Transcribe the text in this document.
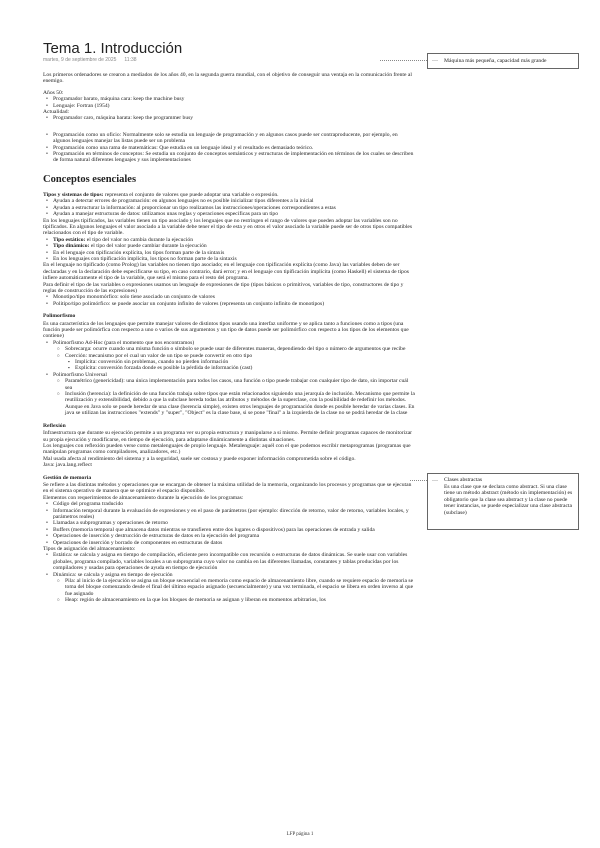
Tema 1. Introducción
martes, 9 de septiembre de 2025 11:38

Los primeros ordenadores se crearon a mediados de los años 40, en la segunda guerra mundial, con el objetivo de conseguir una ventaja en la comunicación frente al enemigo.

Años 50:

• Programador barato, máquina cara: keep the machine busy
• Lenguaje: Fortran (1954)

Actualidad:

• Programador caro, máquina barata: keep the programmer busy
• Programación como un oficio: Normalmente solo se estudia un lenguaje de programación y en algunos casos puede ser contraproducente, por ejemplo, en algunos lenguajes manejar las listas puede ser un problema
• Programación como una rama de matemáticas: Que estudia en un lenguaje ideal y el resultado es demasiado teórico.
• Programación en términos de conceptos: Se estudia un conjunto de conceptos semánticos y estructuras de implementación en términos de los cuales se describen de forma natural diferentes lenguajes y sus implementaciones
Conceptos esenciales

Tipos y sistemas de tipos: representa el conjunto de valores que puede adoptar una variable o expresión.

• Ayudan a detectar errores de programación: en algunos lenguajes no es posible inicializar tipos diferentes a la inicial
• Ayudan a estructurar la información: al proporcionar un tipo realizamos las instrucciones/operaciones correspondientes a estas
• Ayudan a manejar estructuras de datos: utilizamos unas reglas y operaciones específicas para un tipo

En los lenguajes tipificados, las variables tienen un tipo asociado y los lenguajes que no restringen el rango de valores que pueden adoptar las variables son no tipificados. En algunos lenguajes el valor asociado a la variable debe tener el tipo de esta y en otros el valor asociado la variable puede ser de otros tipos compatibles relacionados con el tipo de variable.

• Tipo estático: el tipo del valor no cambia durante la ejecución
• Tipo dinámico: el tipo del valor puede cambiar durante la ejecución
• En el lenguaje con tipificación explícita, los tipos forman parte de la sintaxis
• En los lenguajes con tipificación implícita, los tipos no forman parte de la sintaxis

En el lenguaje no tipificado (como Prolog) las variables no tienen tipo asociado; en el lenguaje con tipificación explícita (como Java) las variables deben de ser declaradas y en la declaración debe especificarse su tipo, en caso contrario, dará error; y en el lenguaje con tipificación implícita (como Haskell) el sistema de tipos infiere automáticamente el tipo de la variable, que será el mismo para el resto del programa.

Para definir el tipo de las variables o expresiones usamos un lenguaje de expresiones de tipo (tipos básicos o primitivos, variables de tipo, constructores de tipo y reglas de construcción de las expresiones)

• Monotipo/tipo monomórfico: solo tiene asociado un conjunto de valores
• Politipo/tipo polimórfico: se puede asociar un conjunto infinito de valores (representa un conjunto infinito de monotipos)
Polimorfismo

Es una característica de los lenguajes que permite manejar valores de distintos tipos usando una interfaz uniforme y se aplica tanto a funciones como a tipos (una función puede ser polimórfica con respecto a uno o varios de sus argumentos y un tipo de datos puede ser polimórfico con respecto a los tipos de los elementos que contiene)

• Polimorfismo Ad-Hoc (para el momento que nos encontramos)
○ Sobrecarga: ocurre cuando una misma función o símbolo se puede usar de diferentes maneras, dependiendo del tipo o número de argumentos que recibe
○ Coerción: mecanismo por el cual un valor de un tipo se puede convertir en otro tipo
▪ Implícita: conversión sin problemas, cuando no pierden información
▪ Explícita: conversión forzada donde es posible la pérdida de información (cast)
• Polimorfismo Universal
○ Paramétrico (genericidad): una única implementación para todos los casos, una función o tipo puede trabajar con cualquier tipo de dato, sin importar cuál sea
○ Inclusión (herencia): la definición de una función trabaja sobre tipos que están relacionados siguiendo una jerarquía de inclusión. Mecanismo que permite la reutilización y extensibilidad, debido a que la subclase hereda todas las atributos y métodos de la superclase, con la posibilidad de redefinir los métodos. Aunque en Java solo se puede heredar de una clase (herencia simple), existen otros lenguajes de programación donde es posible heredar de varias clases. En java se utilizan las instrucciones "extends" y "super", "Object" es la clase base, si se pone "final" a la izquierda de la clase no se podrá heredar de la clase
Reflexión

Infraestructura que durante su ejecución permite a un programa ver su propia estructura y manipularse a sí mismo. Permite definir programas capaces de monitorizar su propia ejecución y modificarse, en tiempo de ejecución, para adaptarse dinámicamente a distintas situaciones.

Los lenguajes con reflexión pueden verse como metalenguajes de propio lenguaje. Metalenguaje: aquél con el que podemos escribir metaprogramas (programas que manipulan programas como compiladores, analizadores, etc.)

Mal usada afecta al rendimiento del sistema y a la seguridad, suele ser costosa y puede exponer información comprometida sobre el código.

Java: java.lang.reflect

Gestión de memoria

Se refiere a las distintas métodos y operaciones que se encargan de obtener la máxima utilidad de la memoria, organizando los procesos y programas que se ejecutan en el sistema operativo de manera que se optimice el espacio disponible.

Elementos con requerimientos de almacenamiento durante la ejecución de los programas:

• Código del programa traducido
• Información temporal durante la evaluación de expresiones y en el paso de parámetros (por ejemplo: dirección de retorno, valor de retorno, variables locales, y parámetros reales)
• Llamadas a subprogramas y operaciones de retorno
• Buffers (memoria temporal que almacena datos mientras se transfieren entre dos lugares o dispositivos) para las operaciones de entrada y salida
• Operaciones de inserción y destrucción de estructuras de datos en la ejecución del programa
• Operaciones de inserción y borrado de componentes en estructuras de datos

Tipos de asignación del almacenamiento:

• Estática: se calcula y asigna en tiempo de compilación, eficiente pero incompatible con recursión o estructuras de datos dinámicas. Se suele usar con variables globales, programa compilado, variables locales a un subprograma cuyo valor no cambia en las diferentes llamadas, constantes y tablas producidas por los compiladores y usadas para operaciones de ayuda en tiempo de ejecución
• Dinámica: se calcula y asigna en tiempo de ejecución
○ Pila: al inicio de la ejecución se asigna un bloque secuencial en memoria como espacio de almacenamiento libre, cuando se requiere espacio de memoria se toma del bloque comenzando desde el final del último espacio asignado (secuencialmente) y una vez terminada, el espacio se libera en orden inverso al que fue asignado
○ Heap: región de almacenamiento en la que los bloques de memoria se asignan y liberan en momentos arbitrarios, los
… Máquina más pequeña, capacidad más grande
… Clases abstractas
Es una clase que se declara como abstract. Si una clase tiene un método abstract (método sin implementación) es obligatorio que la clase sea abstract y la clase no puede tener instancias, se puede especializar una clase abstracta (subclase)
LFP página 1
